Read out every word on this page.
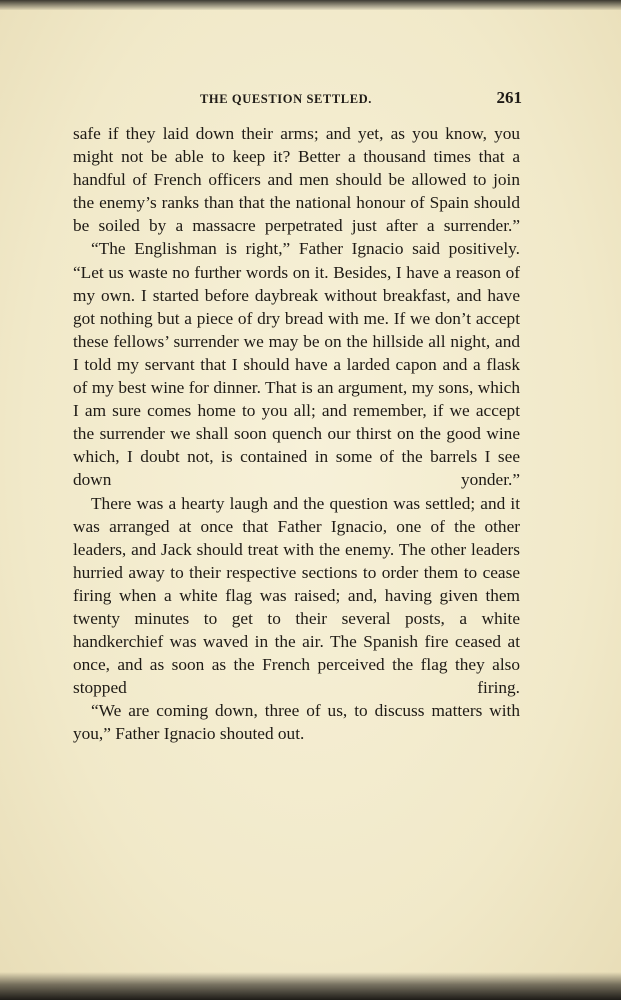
THE QUESTION SETTLED.	261

safe if they laid down their arms; and yet, as you know, you might not be able to keep it? Better a thousand times that a handful of French officers and men should be allowed to join the enemy’s ranks than that the national honour of Spain should be soiled by a massacre perpetrated just after a surrender.”

“The Englishman is right,” Father Ignacio said positively. “Let us waste no further words on it. Besides, I have a reason of my own. I started before daybreak without breakfast, and have got nothing but a piece of dry bread with me. If we don’t accept these fellows’ surrender we may be on the hillside all night, and I told my servant that I should have a larded capon and a flask of my best wine for dinner. That is an argument, my sons, which I am sure comes home to you all; and remember, if we accept the surrender we shall soon quench our thirst on the good wine which, I doubt not, is contained in some of the barrels I see down yonder.”

There was a hearty laugh and the question was settled; and it was arranged at once that Father Ignacio, one of the other leaders, and Jack should treat with the enemy. The other leaders hurried away to their respective sections to order them to cease firing when a white flag was raised; and, having given them twenty minutes to get to their several posts, a white handkerchief was waved in the air. The Spanish fire ceased at once, and as soon as the French perceived the flag they also stopped firing.

“We are coming down, three of us, to discuss matters with you,” Father Ignacio shouted out.
